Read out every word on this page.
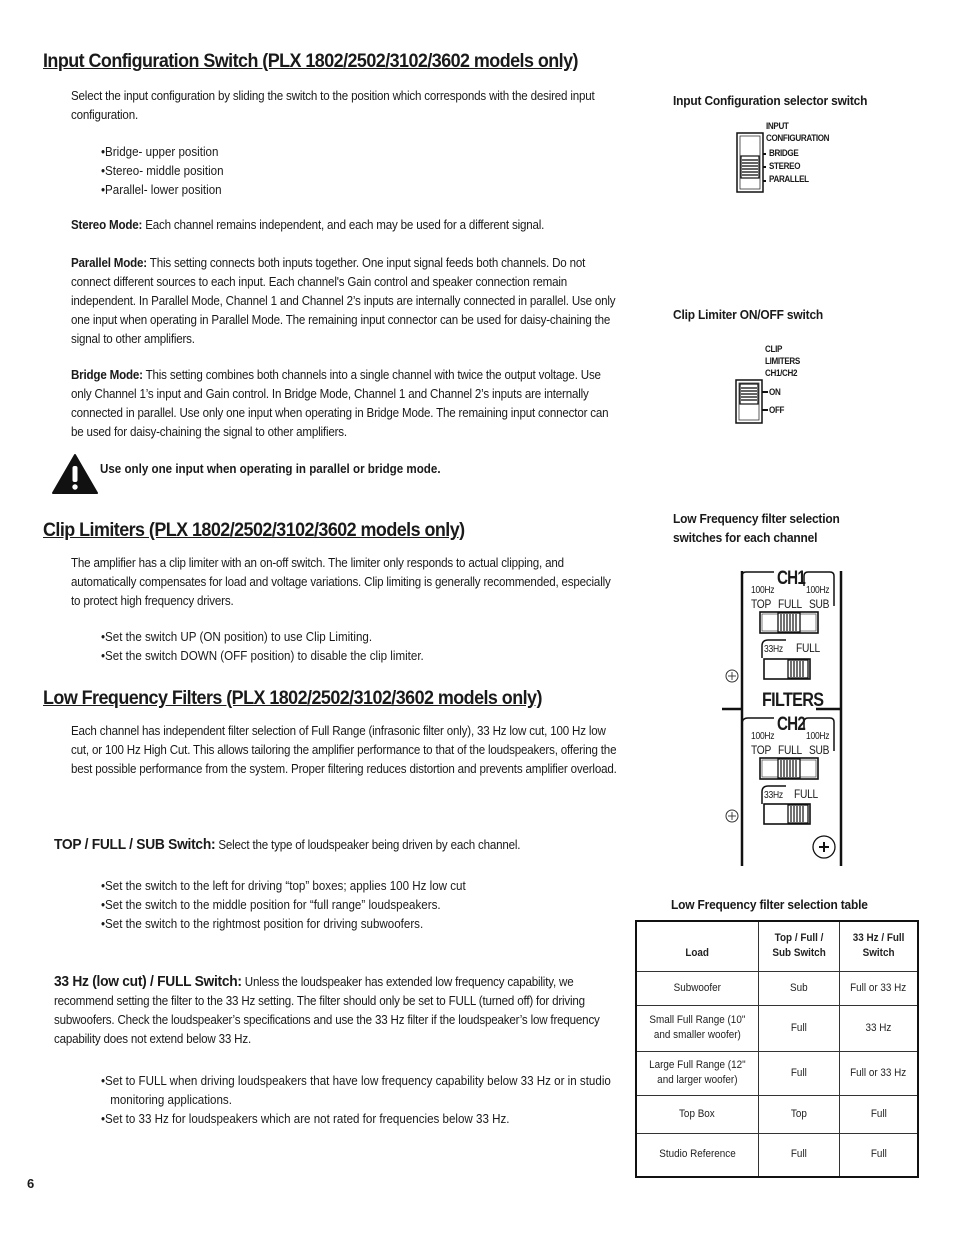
Input Configuration Switch (PLX 1802/2502/3102/3602 models only)
Select the input configuration by sliding the switch to the position which corresponds with the desired input configuration.
•Bridge- upper position
•Stereo- middle position
•Parallel- lower position
Stereo Mode: Each channel remains independent, and each may be used for a different signal.
Parallel Mode: This setting connects both inputs together. One input signal feeds both channels. Do not connect different sources to each input. Each channel's Gain control and speaker connection remain independent. In Parallel Mode, Channel 1 and Channel 2’s inputs are internally connected in parallel. Use only one input when operating in Parallel Mode. The remaining input connector can be used for daisy-chaining the signal to other amplifiers.
Bridge Mode: This setting combines both channels into a single channel with twice the output voltage. Use only Channel 1’s input and Gain control. In Bridge Mode, Channel 1 and Channel 2’s inputs are internally connected in parallel. Use only one input when operating in Bridge Mode. The remaining input connector can be used for daisy-chaining the signal to other amplifiers.
Use only one input when operating in parallel or bridge mode.
Clip Limiters (PLX 1802/2502/3102/3602 models only)
The amplifier has a clip limiter with an on-off switch. The limiter only responds to actual clipping, and automatically compensates for load and voltage variations. Clip limiting is generally recommended, especially to protect high frequency drivers.
•Set the switch UP (ON position) to use Clip Limiting.
•Set the switch DOWN (OFF position) to disable the clip limiter.
Low Frequency Filters (PLX 1802/2502/3102/3602 models only)
Each channel has independent filter selection of Full Range (infrasonic filter only), 33 Hz low cut, 100 Hz low cut, or 100 Hz High Cut. This allows tailoring the amplifier performance to that of the loudspeakers, offering the best possible performance from the system. Proper filtering reduces distortion and prevents amplifier overload.
TOP / FULL / SUB Switch: Select the type of loudspeaker being driven by each channel.
•Set the switch to the left for driving “top” boxes; applies 100 Hz low cut
•Set the switch to the middle position for “full range” loudspeakers.
•Set the switch to the rightmost position for driving subwoofers.
33 Hz (low cut) / FULL Switch: Unless the loudspeaker has extended low frequency capability, we recommend setting the filter to the 33 Hz setting. The filter should only be set to FULL (turned off) for driving subwoofers. Check the loudspeaker’s specifications and use the 33 Hz filter if the loudspeaker’s low frequency capability does not extend below 33 Hz.
•Set to FULL when driving loudspeakers that have low frequency capability below 33 Hz or in studio monitoring applications.
•Set to 33 Hz for loudspeakers which are not rated for frequencies below 33 Hz.
6
Input Configuration selector switch
INPUT
CONFIGURATION
BRIDGE
STEREO
PARALLEL
Clip Limiter ON/OFF switch
CLIP
LIMITERS
CH1/CH2
ON
OFF
Low Frequency filter selection
switches for each channel
CH1
100Hz	100Hz
TOP FULL SUB
33Hz FULL
FILTERS
CH2
100Hz	100Hz
TOP FULL SUB
33Hz FULL
Low Frequency filter selection table
Load	Top / Full / Sub Switch	33 Hz / Full Switch
Subwoofer	Sub	Full or 33 Hz
Small Full Range (10" and smaller woofer)	Full	33 Hz
Large Full Range (12" and larger woofer)	Full	Full or 33 Hz
Top Box	Top	Full
Studio Reference	Full	Full
